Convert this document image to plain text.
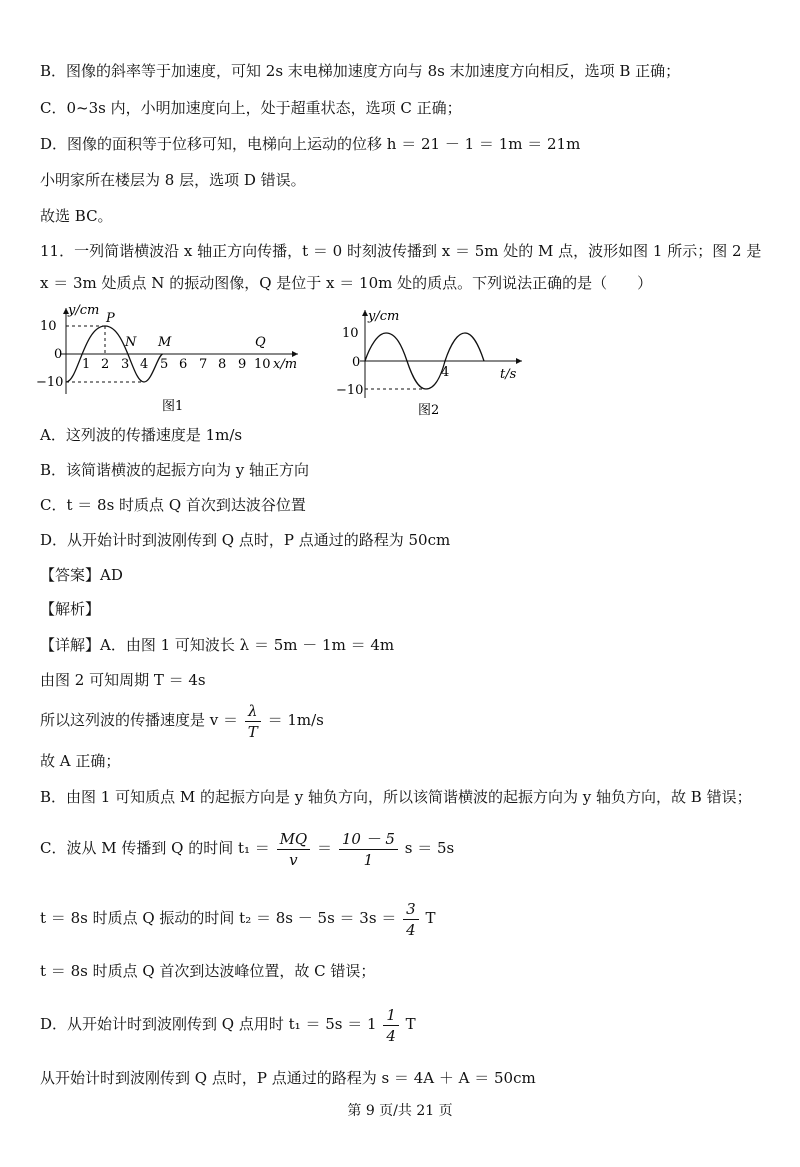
B．图像的斜率等于加速度，可知 2s 末电梯加速度方向与 8s 末加速度方向相反，选项 B 正确；
C．0~3s 内，小明加速度向上，处于超重状态，选项 C 正确；
D．图像的面积等于位移可知，电梯向上运动的位移 h ＝ 21 － 1 ＝ 1m ＝ 21m
小明家所在楼层为 8 层，选项 D 错误。
故选 BC。
11．一列简谐横波沿 x 轴正方向传播，t ＝ 0 时刻波传播到 x ＝ 5m 处的 M 点，波形如图 1 所示；图 2 是
x ＝ 3m 处质点 N 的振动图像，Q 是位于 x ＝ 10m 处的质点。下列说法正确的是（　　）
y/cm
10
0
−10
1 2 3 4 5 6 7 8 9 10 x/m
P
N M	Q
图1
y/cm
10
0
−10
4	t/s
图2
A．这列波的传播速度是 1m/s
B．该简谐横波的起振方向为 y 轴正方向
C．t ＝ 8s 时质点 Q 首次到达波谷位置
D．从开始计时到波刚传到 Q 点时，P 点通过的路程为 50cm
【答案】AD
【解析】
【详解】A．由图 1 可知波长 λ ＝ 5m － 1m ＝ 4m
由图 2 可知周期 T ＝ 4s
所以这列波的传播速度是 $v = \frac{\lambda}{T} = 1m/s$
故 A 正确；
B．由图 1 可知质点 M 的起振方向是 y 轴负方向，所以该简谐横波的起振方向为 y 轴负方向，故 B 错误；
C．波从 M 传播到 Q 的时间 $t_1 = \frac{MQ}{v} = \frac{10 - 5}{1}$ s ＝ 5s
t ＝ 8s 时质点 Q 振动的时间 $t_2 = 8s - 5s = 3s = \frac{3}{4}$ T
t ＝ 8s 时质点 Q 首次到达波峰位置，故 C 错误；
D．从开始计时到波刚传到 Q 点用时 $t_1 = 5s = 1 \frac{1}{4}$ T
从开始计时到波刚传到 Q 点时，P 点通过的路程为 s ＝ 4A ＋ A ＝ 50cm
第 9 页/共 21 页
